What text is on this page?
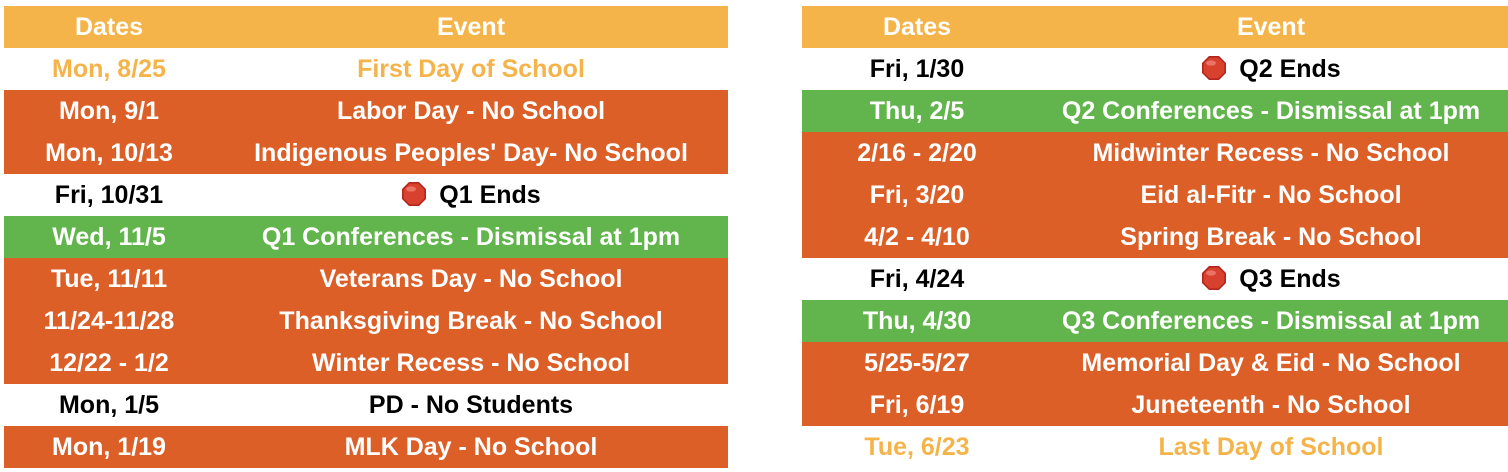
Dates	Event
Mon, 8/25	First Day of School
Mon, 9/1	Labor Day - No School
Mon, 10/13	Indigenous Peoples' Day- No School
Fri, 10/31	Q1 Ends
Wed, 11/5	Q1 Conferences - Dismissal at 1pm
Tue, 11/11	Veterans Day - No School
11/24-11/28	Thanksgiving Break - No School
12/22 - 1/2	Winter Recess - No School
Mon, 1/5	PD - No Students
Mon, 1/19	MLK Day - No School
Dates	Event
Fri, 1/30	Q2 Ends
Thu, 2/5	Q2 Conferences - Dismissal at 1pm
2/16 - 2/20	Midwinter Recess - No School
Fri, 3/20	Eid al-Fitr - No School
4/2 - 4/10	Spring Break - No School
Fri, 4/24	Q3 Ends
Thu, 4/30	Q3 Conferences - Dismissal at 1pm
5/25-5/27	Memorial Day & Eid - No School
Fri, 6/19	Juneteenth - No School
Tue, 6/23	Last Day of School
